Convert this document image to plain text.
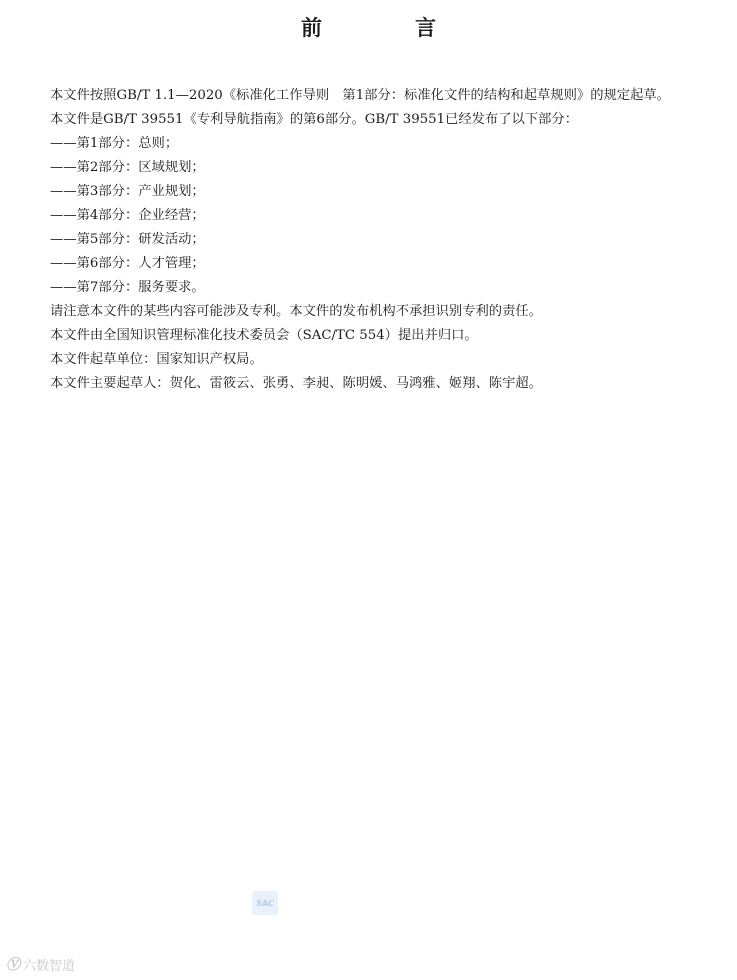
前　言

本文件按照GB/T 1.1—2020《标准化工作导则　第1部分：标准化文件的结构和起草规则》的规定起草。

本文件是GB/T 39551《专利导航指南》的第6部分。GB/T 39551已经发布了以下部分：

——第1部分：总则；

——第2部分：区域规划；

——第3部分：产业规划；

——第4部分：企业经营；

——第5部分：研发活动；

——第6部分：人才管理；

——第7部分：服务要求。

请注意本文件的某些内容可能涉及专利。本文件的发布机构不承担识别专利的责任。

本文件由全国知识管理标准化技术委员会（SAC/TC 554）提出并归口。

本文件起草单位：国家知识产权局。

本文件主要起草人：贺化、雷筱云、张勇、李昶、陈明媛、马鸿雅、姬翔、陈宇超。

SAC
Ⓥ 六数智道
